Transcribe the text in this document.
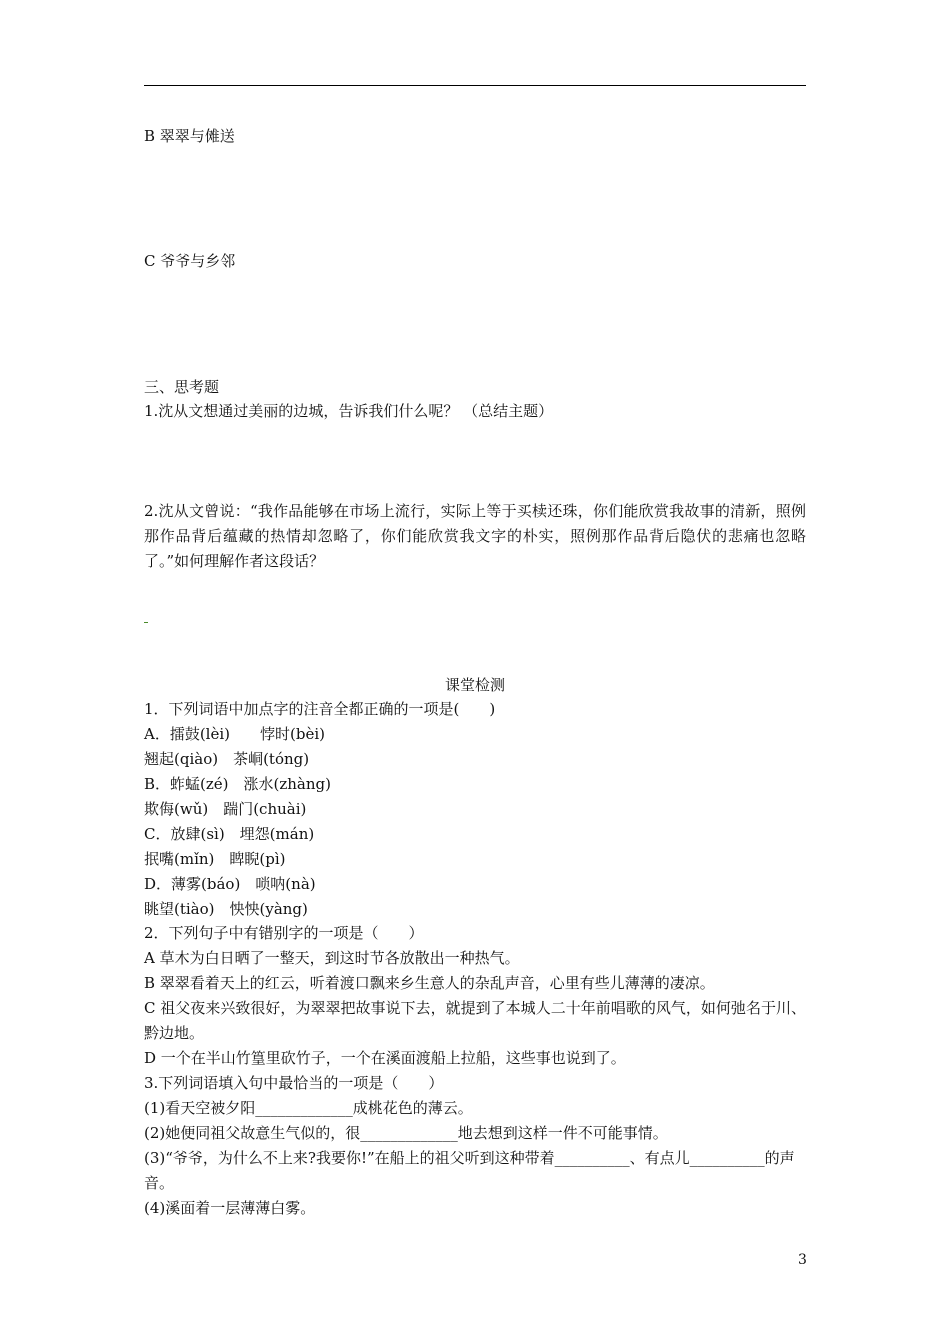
B 翠翠与傩送
C 爷爷与乡邻
三、思考题
1.沈从文想通过美丽的边城，告诉我们什么呢？ （总结主题）
2.沈从文曾说：“我作品能够在市场上流行，实际上等于买椟还珠，你们能欣赏我故事的清新，照例那作品背后蕴藏的热情却忽略了，你们能欣赏我文字的朴实，照例那作品背后隐伏的悲痛也忽略了。”如何理解作者这段话？
课堂检测
1．下列词语中加点字的注音全都正确的一项是(　　)
A．擂鼓(lèi)　　悖时(bèi)
翘起(qiào)　茶峒(tóng)
B．蚱蜢(zé)　涨水(zhàng)
欺侮(wǔ)　踹门(chuài)
C．放肆(sì)　埋怨(mán)
抿嘴(mǐn)　睥睨(pì)
D．薄雾(báo)　唢呐(nà)
眺望(tiào)　怏怏(yàng)
2．下列句子中有错别字的一项是（　　）
A 草木为白日晒了一整天，到这时节各放散出一种热气。
B 翠翠看着天上的红云，听着渡口飘来乡生意人的杂乱声音，心里有些儿薄薄的凄凉。
C 祖父夜来兴致很好，为翠翠把故事说下去，就提到了本城人二十年前唱歌的风气，如何弛名于川、黔边地。
D 一个在半山竹篁里砍竹子，一个在溪面渡船上拉船，这些事也说到了。
3.下列词语填入句中最恰当的一项是（　　）
(1)看天空被夕阳_____________成桃花色的薄云。
(2)她便同祖父故意生气似的，很_____________地去想到这样一件不可能事情。
(3)“爷爷，为什么不上来?我要你!”在船上的祖父听到这种带着__________、有点儿__________的声音。
(4)溪面着一层薄薄白雾。
3
